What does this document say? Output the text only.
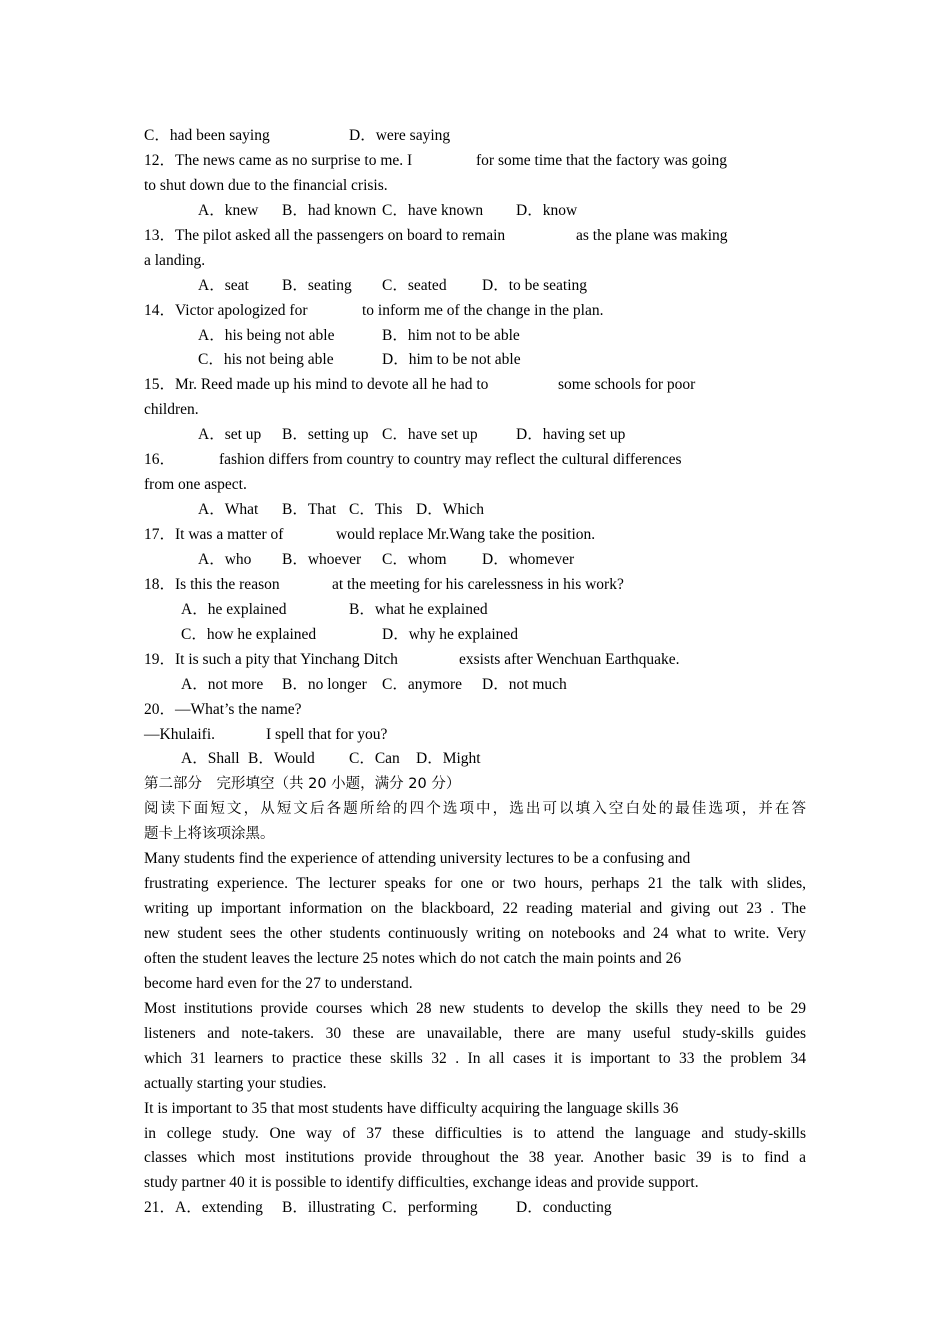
C．had been saying	D．were saying
12．The news came as no surprise to me. I	for some time that the factory was going
to shut down due to the financial crisis.
A．knew B．had known C．have known D．know
13．The pilot asked all the passengers on board to remain	as the plane was making
a landing.
A．seat B．seating C．seated D．to be seating
14．Victor apologized for	to inform me of the change in the plan.
A．his being not able	B．him not to be able
C．his not being able	D．him to be not able
15．Mr. Reed made up his mind to devote all he had to	some schools for poor
children.
A．set up B．setting up C．have set up D．having set up
16．	fashion differs from country to country may reflect the cultural differences
from one aspect.
A．What B．That C．This D．Which
17．It was a matter of	would replace Mr.Wang take the position.
A．who B．whoever C．whom D．whomever
18．Is this the reason	at the meeting for his carelessness in his work?
A．he explained	B．what he explained
C．how he explained	D．why he explained
19．It is such a pity that Yinchang Ditch	exsists after Wenchuan Earthquake.
A．not more B．no longer C．anymore D．not much
20．—What’s the name?
—Khulaifi.	I spell that for you?
A．Shall B．Would C．Can D．Might
第二部分　完形填空（共 20 小题，满分 20 分）
阅读下面短文，从短文后各题所给的四个选项中，选出可以填入空白处的最佳选项，并在答
题卡上将该项涂黑。
Many students find the experience of attending university lectures to be a confusing and
frustrating experience. The lecturer speaks for one or two hours, perhaps 21 the talk with slides,
writing up important information on the blackboard, 22 reading material and giving out 23 . The
new student sees the other students continuously writing on notebooks and 24 what to write. Very
often the student leaves the lecture 25 notes which do not catch the main points and 26
become hard even for the 27 to understand.
Most institutions provide courses which 28 new students to develop the skills they need to be 29
listeners and note-takers. 30 these are unavailable, there are many useful study-skills guides
which 31 learners to practice these skills 32 . In all cases it is important to 33 the problem 34
actually starting your studies.
It is important to 35 that most students have difficulty acquiring the language skills 36
in college study. One way of 37 these difficulties is to attend the language and study-skills
classes which most institutions provide throughout the 38 year. Another basic 39 is to find a
study partner 40 it is possible to identify difficulties, exchange ideas and provide support.
21．A．extending B．illustrating C．performing D．conducting
